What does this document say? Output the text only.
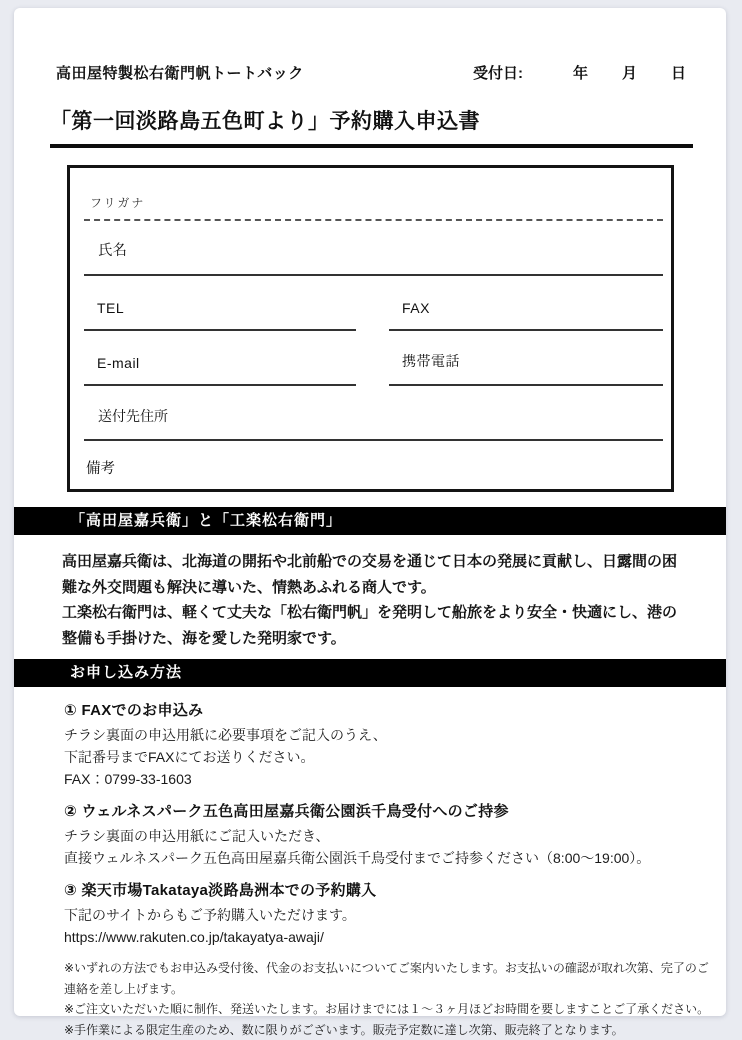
高田屋特製松右衛門帆トートバック	受付日:	年 月 日
「第一回淡路島五色町より」予約購入申込書
フリガナ
氏名
TEL	FAX
E-mail	携帯電話
送付先住所
備考
「高田屋嘉兵衛」と「工楽松右衛門」
高田屋嘉兵衛は、北海道の開拓や北前船での交易を通じて日本の発展に貢献し、日露間の困難な外交問題も解決に導いた、情熱あふれる商人です。
工楽松右衛門は、軽くて丈夫な「松右衛門帆」を発明して船旅をより安全・快適にし、港の整備も手掛けた、海を愛した発明家です。
お申し込み方法
① FAXでのお申込み
チラシ裏面の申込用紙に必要事項をご記入のうえ、
下記番号までFAXにてお送りください。
FAX：0799-33-1603
② ウェルネスパーク五色高田屋嘉兵衛公園浜千鳥受付へのご持参
チラシ裏面の申込用紙にご記入いただき、
直接ウェルネスパーク五色高田屋嘉兵衛公園浜千鳥受付までご持参ください（8:00〜19:00）。
③ 楽天市場Takataya淡路島洲本での予約購入
下記のサイトからもご予約購入いただけます。
https://www.rakuten.co.jp/takayatya-awaji/
※いずれの方法でもお申込み受付後、代金のお支払いについてご案内いたします。お支払いの確認が取れ次第、完了のご連絡を差し上げます。
※ご注文いただいた順に制作、発送いたします。お届けまでには１〜３ヶ月ほどお時間を要しますことご了承ください。
※手作業による限定生産のため、数に限りがございます。販売予定数に達し次第、販売終了となります。
